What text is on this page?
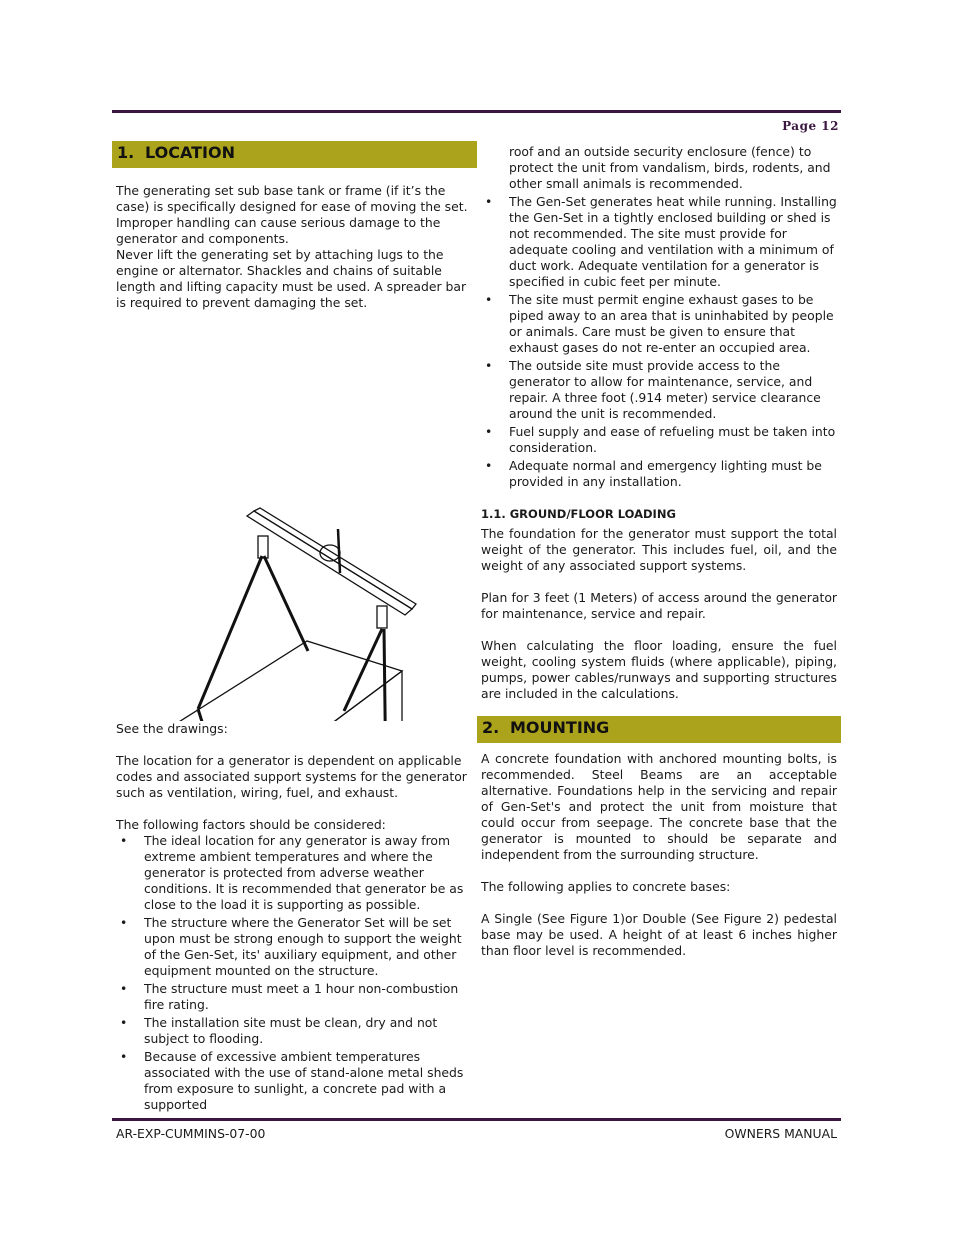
Page 12
1. LOCATION

The generating set sub base tank or frame (if it’s the case) is specifically designed for ease of moving the set. Improper handling can cause serious damage to the generator and components.

Never lift the generating set by attaching lugs to the engine or alternator. Shackles and chains of suitable length and lifting capacity must be used. A spreader bar is required to prevent damaging the set.

See the drawings:

The location for a generator is dependent on applicable codes and associated support systems for the generator such as ventilation, wiring, fuel, and exhaust.

The following factors should be considered:

• The ideal location for any generator is away from extreme ambient temperatures and where the generator is protected from adverse weather conditions. It is recommended that generator be as close to the load it is supporting as possible.
• The structure where the Generator Set will be set upon must be strong enough to support the weight of the Gen-Set, its' auxiliary equipment, and other equipment mounted on the structure.
• The structure must meet a 1 hour non-combustion fire rating.
• The installation site must be clean, dry and not subject to flooding.
• Because of excessive ambient temperatures associated with the use of stand-alone metal sheds from exposure to sunlight, a concrete pad with a supported

roof and an outside security enclosure (fence) to protect the unit from vandalism, birds, rodents, and other small animals is recommended.

• The Gen-Set generates heat while running. Installing the Gen-Set in a tightly enclosed building or shed is not recommended. The site must provide for adequate cooling and ventilation with a minimum of duct work. Adequate ventilation for a generator is specified in cubic feet per minute.
• The site must permit engine exhaust gases to be piped away to an area that is uninhabited by people or animals. Care must be given to ensure that exhaust gases do not re-enter an occupied area.
• The outside site must provide access to the generator to allow for maintenance, service, and repair. A three foot (.914 meter) service clearance around the unit is recommended.
• Fuel supply and ease of refueling must be taken into consideration.
• Adequate normal and emergency lighting must be provided in any installation.

1.1. GROUND/FLOOR LOADING

The foundation for the generator must support the total weight of the generator. This includes fuel, oil, and the weight of any associated support systems.

Plan for 3 feet (1 Meters) of access around the generator for maintenance, service and repair.

When calculating the floor loading, ensure the fuel weight, cooling system fluids (where applicable), piping, pumps, power cables/runways and supporting structures are included in the calculations.

2. MOUNTING

A concrete foundation with anchored mounting bolts, is recommended. Steel Beams are an acceptable alternative. Foundations help in the servicing and repair of Gen-Set's and protect the unit from moisture that could occur from seepage. The concrete base that the generator is mounted to should be separate and independent from the surrounding structure.

The following applies to concrete bases:

A Single (See Figure 1)or Double (See Figure 2) pedestal base may be used. A height of at least 6 inches higher than floor level is recommended.

AR-EXP-CUMMINS-07-00	OWNERS MANUAL
